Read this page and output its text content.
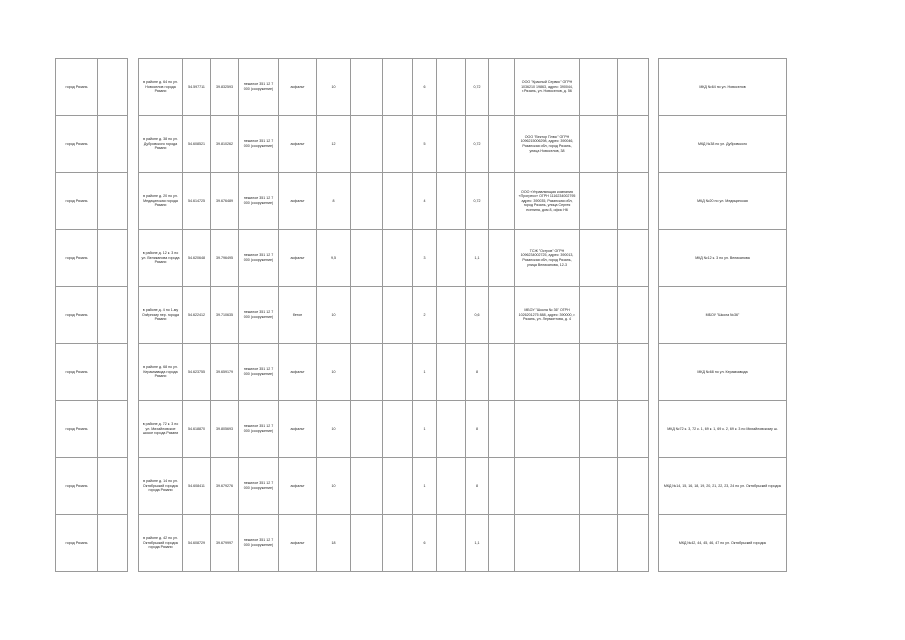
город Рязань			в районе д. 64 по ул. Новоселов города Рязани	54.597711	39.832593	нежилое 351 12 7 000 (сооружение)	асфальт	10			6		0,72		ООО "Красный Сервис" ОГРН 1036210 19863, адрес: 390044, г.Рязань, ул. Новоселов, д. 56				МКД №64 по ул. Новоселов
город Рязань			в районе д. 38 по ул. Дубровского города Рязани	54.608521	39.810262	нежилое 351 12 7 000 (сооружение)	асфальт	12			5		0,72		ООО "Вектор Плюс" ОГРН 1096215006298, адрес: 390046, Рязанская обл, город Рязань, улица Новоселов, 38				МКД №38 по ул. Дубровского
город Рязань			в районе д. 20 по ул. Медицинская города Рязани	54.614725	39.676489	нежилое 351 12 7 000 (сооружение)	асфальт	8			4		0,72		ООО «Управляющая компания «Прогресс» ОГРН 1116234002795 адрес: 390035, Рязанская обл, город Рязань, улица Сергея есенина, дом 8, офис Н6				МКД №20 по ул. Медицинская
город Рязань			в районе д. 12 к. 3 по ул. Великанова города Рязани	54.620648	39.796495	нежилое 351 12 7 000 (сооружение)	асфальт	9,5			3		1,1		ТСЖ "Остров" ОГРН 1096234002725, адрес: 390013, Рязанская обл, город Рязань, улица Великанова, 12-3				МКД №12 к. 3 по ул. Великанова
город Рязань			в районе д. 4 по 1-му Озёрному пер. города Рязани	54.622412	39.710635	нежилое 351 12 7 000 (сооружение)	бетон	10			2		0,6		МБОУ "Школа № 36" ОГРН 1026201275 888, адрес: 390000, г. Рязань, ул. Лермонтова, д. 4				МБОУ "Школа №36"
город Рязань			в районе д. 68 по ул. Керамзавода города Рязани	54.623755	39.659179	нежилое 351 12 7 000 (сооружение)	асфальт	10			1		8						МКД №68 по ул. Керамзавода
город Рязань			в районе д. 72 к. 3 по ул. Михайловское шоссе города Рязани	54.618870	39.805693	нежилое 351 12 7 000 (сооружение)	асфальт	10			1		8						МКД №72 к. 3, 72 к. 1, 69 к. 1, 69 к. 2, 69 к. 3 по Михайловскому ш.
город Рязань			в районе д. 14 по ул. Октябрьский городок города Рязани	54.608411	39.679276	нежилое 351 12 7 000 (сооружение)	асфальт	10			1		8						МКД №14, 15, 16, 18, 19, 20, 21, 22, 23, 24 по ул. Октябрьский городок
город Рязань			в районе д. 42 по ул. Октябрьский городок города Рязани	54.608729	39.679997	нежилое 351 12 7 000 (сооружение)	асфальт	18			6		1,1						МКД №42, 44, 45, 46, 47 по ул. Октябрьский городок
